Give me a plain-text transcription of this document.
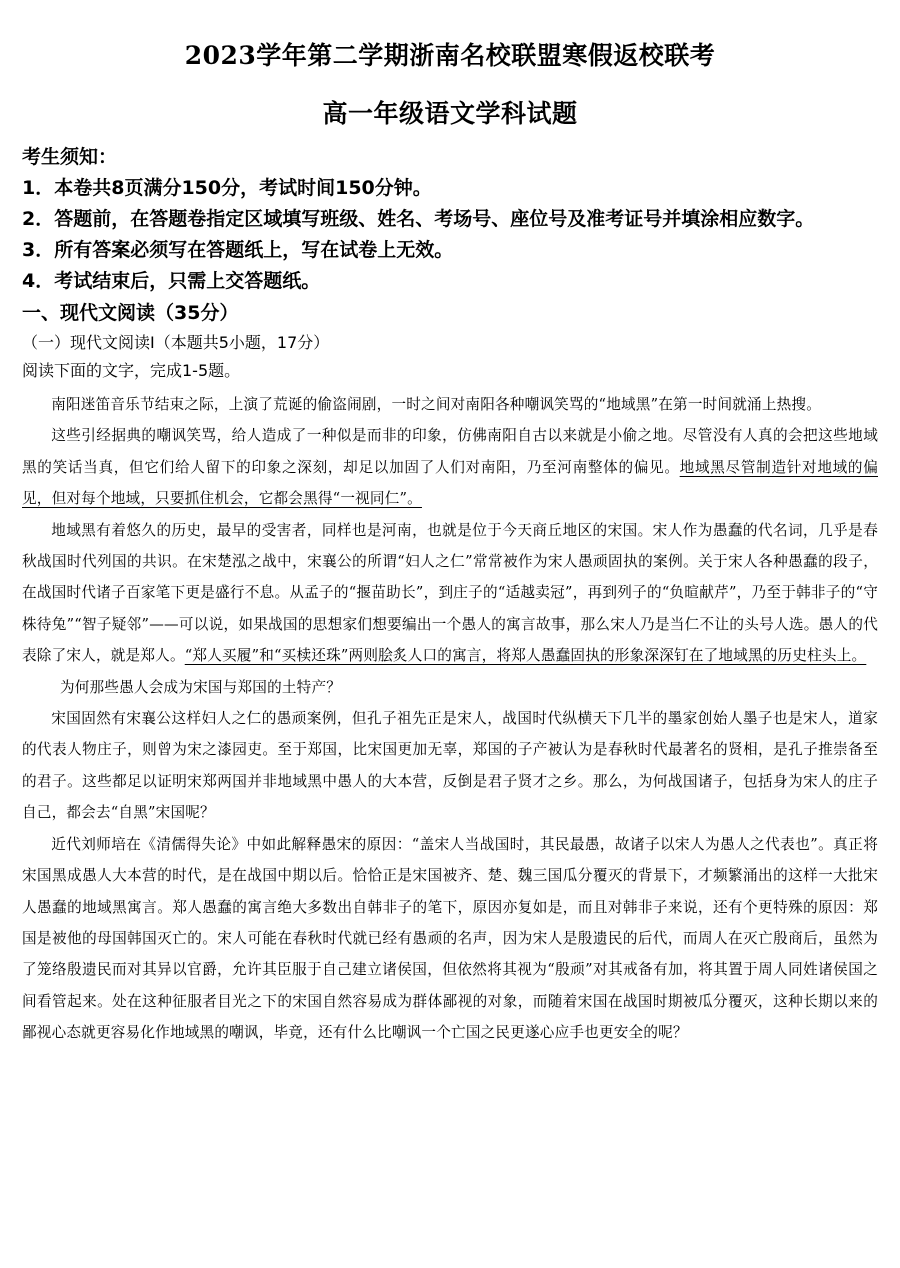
2023学年第二学期浙南名校联盟寒假返校联考
高一年级语文学科试题
考生须知：
1．本卷共8页满分150分，考试时间150分钟。
2．答题前，在答题卷指定区域填写班级、姓名、考场号、座位号及准考证号并填涂相应数字。
3．所有答案必须写在答题纸上，写在试卷上无效。
4．考试结束后，只需上交答题纸。
一、现代文阅读（35分）
（一）现代文阅读Ⅰ（本题共5小题，17分）
阅读下面的文字，完成1-5题。

南阳迷笛音乐节结束之际，上演了荒诞的偷盗闹剧，一时之间对南阳各种嘲讽笑骂的“地域黑”在第一时间就涌上热搜。

这些引经据典的嘲讽笑骂，给人造成了一种似是而非的印象，仿佛南阳自古以来就是小偷之地。尽管没有人真的会把这些地域黑的笑话当真，但它们给人留下的印象之深刻，却足以加固了人们对南阳，乃至河南整体的偏见。地域黑尽管制造针对地域的偏见，但对每个地域，只要抓住机会，它都会黑得“一视同仁”。

地域黑有着悠久的历史，最早的受害者，同样也是河南，也就是位于今天商丘地区的宋国。宋人作为愚蠢的代名词，几乎是春秋战国时代列国的共识。在宋楚泓之战中，宋襄公的所谓“妇人之仁”常常被作为宋人愚顽固执的案例。关于宋人各种愚蠢的段子，在战国时代诸子百家笔下更是盛行不息。从孟子的“揠苗助长”，到庄子的“适越卖冠”，再到列子的“负暄献芹”，乃至于韩非子的“守株待兔”“智子疑邻”——可以说，如果战国的思想家们想要编出一个愚人的寓言故事，那么宋人乃是当仁不让的头号人选。愚人的代表除了宋人，就是郑人。“郑人买履”和“买椟还珠”两则脍炙人口的寓言，将郑人愚蠢固执的形象深深钉在了地域黑的历史柱头上。

为何那些愚人会成为宋国与郑国的土特产？

宋国固然有宋襄公这样妇人之仁的愚顽案例，但孔子祖先正是宋人，战国时代纵横天下几半的墨家创始人墨子也是宋人，道家的代表人物庄子，则曾为宋之漆园吏。至于郑国，比宋国更加无辜，郑国的子产被认为是春秋时代最著名的贤相，是孔子推崇备至的君子。这些都足以证明宋郑两国并非地域黑中愚人的大本营，反倒是君子贤才之乡。那么，为何战国诸子，包括身为宋人的庄子自己，都会去“自黑”宋国呢？

近代刘师培在《清儒得失论》中如此解释愚宋的原因：“盖宋人当战国时，其民最愚，故诸子以宋人为愚人之代表也”。真正将宋国黑成愚人大本营的时代，是在战国中期以后。恰恰正是宋国被齐、楚、魏三国瓜分覆灭的背景下，才频繁涌出的这样一大批宋人愚蠢的地域黑寓言。郑人愚蠢的寓言绝大多数出自韩非子的笔下，原因亦复如是，而且对韩非子来说，还有个更特殊的原因：郑国是被他的母国韩国灭亡的。宋人可能在春秋时代就已经有愚顽的名声，因为宋人是殷遗民的后代，而周人在灭亡殷商后，虽然为了笼络殷遗民而对其异以官爵，允许其臣服于自己建立诸侯国，但依然将其视为“殷顽”对其戒备有加，将其置于周人同姓诸侯国之间看管起来。处在这种征服者目光之下的宋国自然容易成为群体鄙视的对象，而随着宋国在战国时期被瓜分覆灭，这种长期以来的鄙视心态就更容易化作地域黑的嘲讽，毕竟，还有什么比嘲讽一个亡国之民更遂心应手也更安全的呢？
